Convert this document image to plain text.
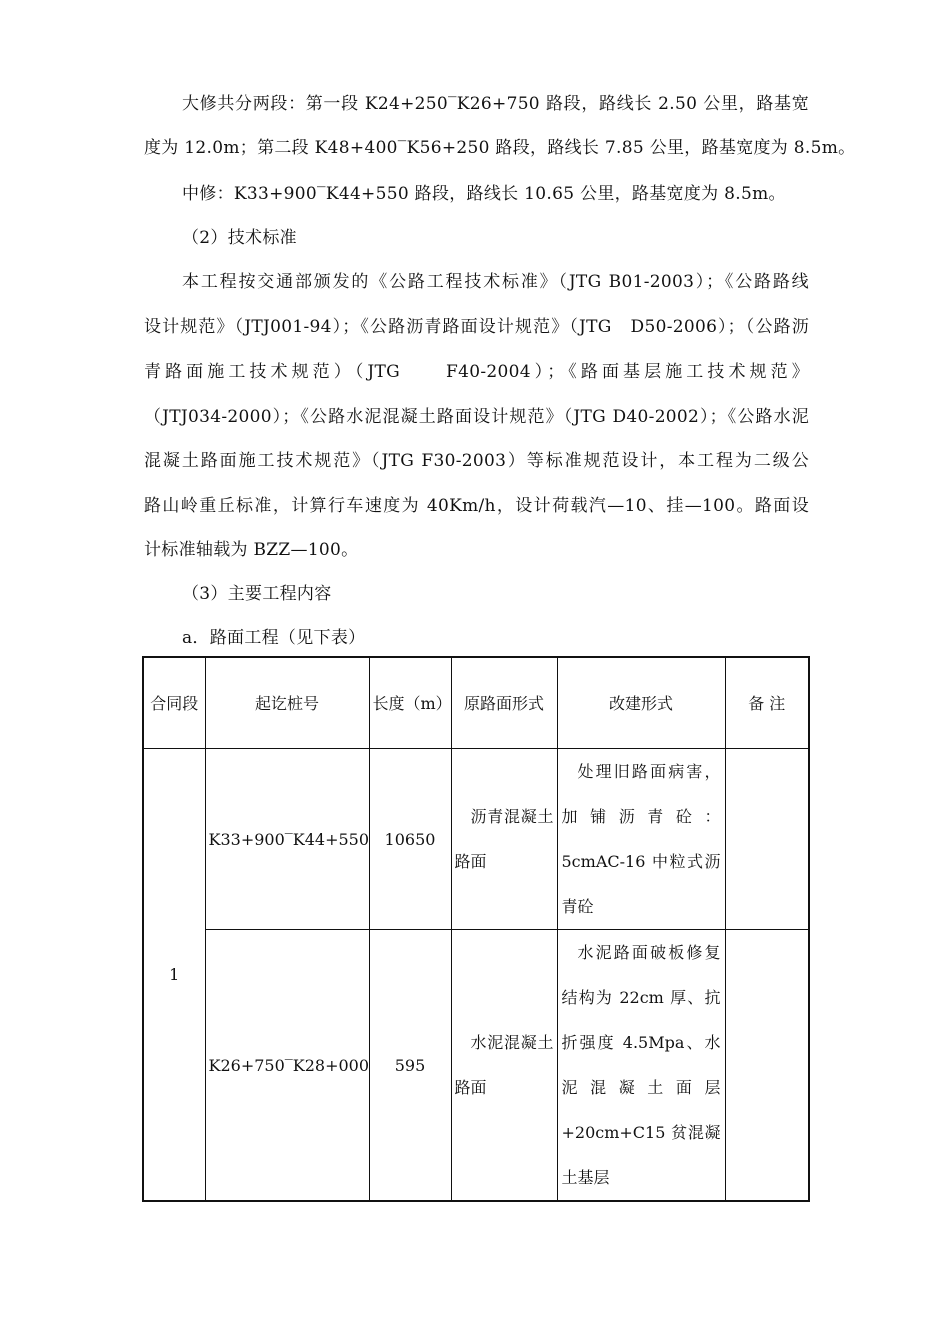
大修共分两段：第一段 K24+250‾K26+750 路段，路线长 2.50 公里，路基宽
度为 12.0m；第二段 K48+400‾K56+250 路段，路线长 7.85 公里，路基宽度为 8.5m。
中修：K33+900‾K44+550 路段，路线长 10.65 公里，路基宽度为 8.5m。
（2）技术标准
本工程按交通部颁发的《公路工程技术标准》（JTG B01-2003）；《公路路线
设计规范》（JTJ001-94）；《公路沥青路面设计规范》（JTG　D50-2006）；（公路沥
青路面施工技术规范）（JTG　　F40-2004）；《路面基层施工技术规范》
（JTJ034-2000）；《公路水泥混凝土路面设计规范》（JTG D40-2002）；《公路水泥
混凝土路面施工技术规范》（JTG F30-2003）等标准规范设计，本工程为二级公
路山岭重丘标准，计算行车速度为 40Km/h，设计荷载汽—10、挂—100。路面设
计标准轴载为 BZZ—100。
（3）主要工程内容
a．路面工程（见下表）
合同段	起讫桩号	长度（m）	原路面形式	改建形式	备 注
1	K33+900‾K44+550	10650	沥青混凝土路面	处理旧路面病害，加铺沥青砼：5cmAC-16 中粒式沥青砼	
	K26+750‾K28+000	595	水泥混凝土路面	水泥路面破板修复结构为 22cm 厚、抗折强度 4.5Mpa、水泥混凝土面层+20cm+C15 贫混凝土基层	
